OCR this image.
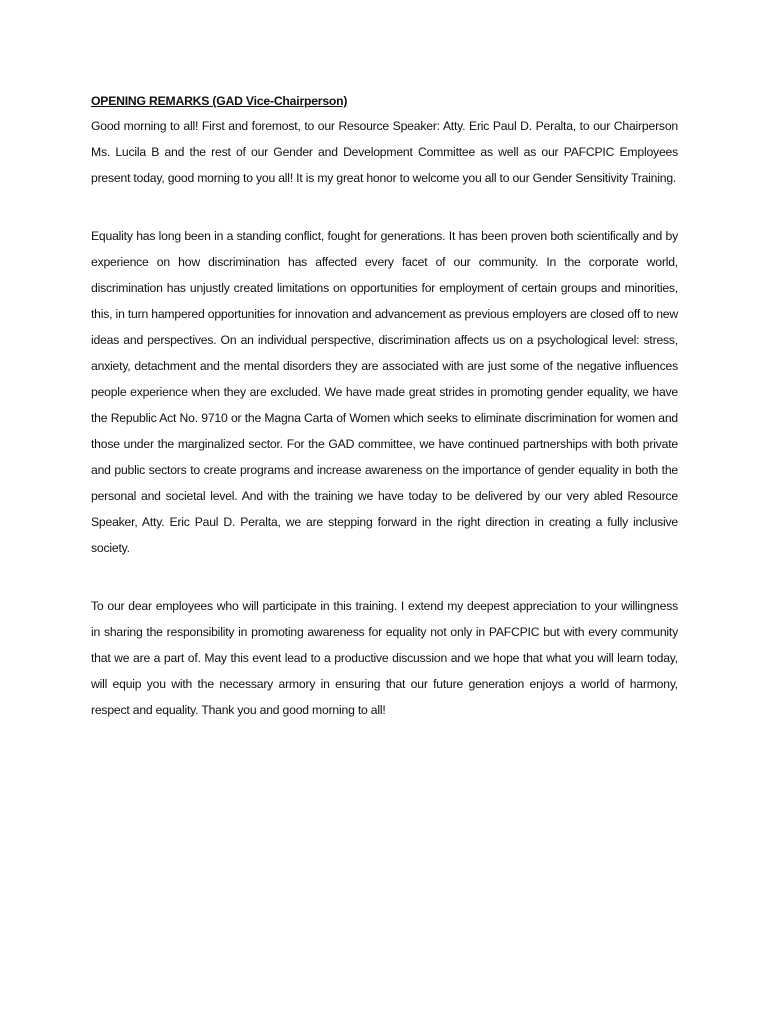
OPENING REMARKS (GAD Vice-Chairperson)

Good morning to all! First and foremost, to our Resource Speaker: Atty. Eric Paul D. Peralta, to our Chairperson Ms. Lucila B and the rest of our Gender and Development Committee as well as our PAFCPIC Employees present today, good morning to you all! It is my great honor to welcome you all to our Gender Sensitivity Training.

Equality has long been in a standing conflict, fought for generations. It has been proven both scientifically and by experience on how discrimination has affected every facet of our community. In the corporate world, discrimination has unjustly created limitations on opportunities for employment of certain groups and minorities, this, in turn hampered opportunities for innovation and advancement as previous employers are closed off to new ideas and perspectives. On an individual perspective, discrimination affects us on a psychological level: stress, anxiety, detachment and the mental disorders they are associated with are just some of the negative influences people experience when they are excluded. We have made great strides in promoting gender equality, we have the Republic Act No. 9710 or the Magna Carta of Women which seeks to eliminate discrimination for women and those under the marginalized sector. For the GAD committee, we have continued partnerships with both private and public sectors to create programs and increase awareness on the importance of gender equality in both the personal and societal level. And with the training we have today to be delivered by our very abled Resource Speaker, Atty. Eric Paul D. Peralta, we are stepping forward in the right direction in creating a fully inclusive society.

To our dear employees who will participate in this training. I extend my deepest appreciation to your willingness in sharing the responsibility in promoting awareness for equality not only in PAFCPIC but with every community that we are a part of. May this event lead to a productive discussion and we hope that what you will learn today, will equip you with the necessary armory in ensuring that our future generation enjoys a world of harmony, respect and equality. Thank you and good morning to all!
